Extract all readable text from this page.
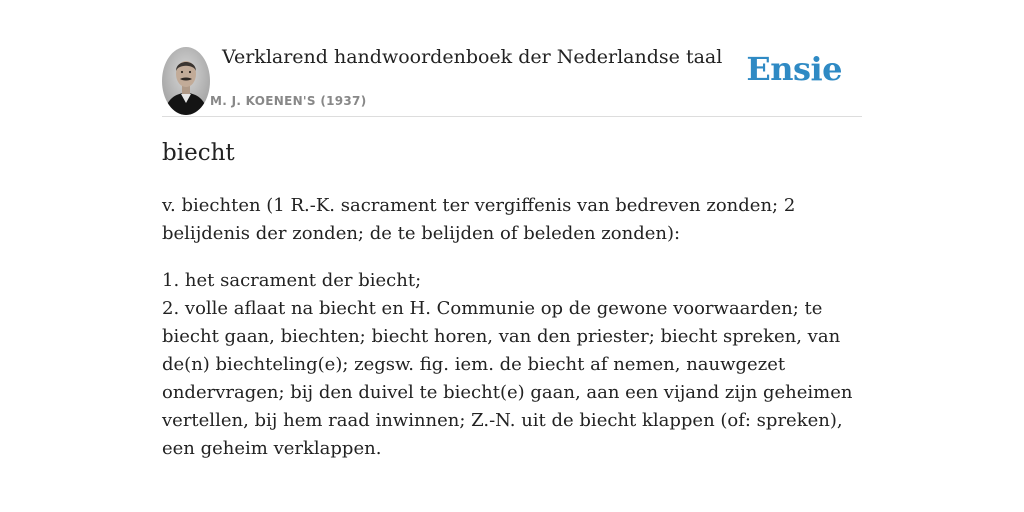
Verklarend handwoordenboek der Nederlandse taal
M. J. KOENEN'S (1937)
Ensie
biecht

v. biechten (1 R.-K. sacrament ter vergiffenis van bedreven zonden; 2 belijdenis der zonden; de te belijden of beleden zonden):

1. het sacrament der biecht;
2. volle aflaat na biecht en H. Communie op de gewone voorwaarden; te biecht gaan, biechten; biecht horen, van den priester; biecht spreken, van de(n) biechteling(e); zegsw. fig. iem. de biecht af nemen, nauwgezet ondervragen; bij den duivel te biecht(e) gaan, aan een vijand zijn geheimen vertellen, bij hem raad inwinnen; Z.-N. uit de biecht klappen (of: spreken), een geheim verklappen.
